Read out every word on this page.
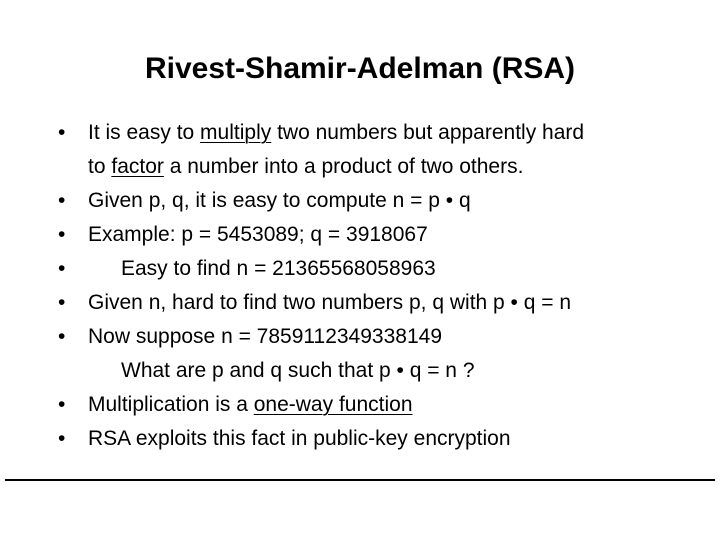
Rivest-Shamir-Adelman (RSA)
•	It is easy to multiply two numbers but apparently hard
to factor a number into a product of two others.
•	Given p, q, it is easy to compute n = p • q
•	Example: p = 5453089; q = 3918067
•	Easy to find n = 21365568058963
•	Given n, hard to find two numbers p, q with p • q = n
•	Now suppose n = 7859112349338149
What are p and q such that p • q = n ?
•	Multiplication is a one-way function
•	RSA exploits this fact in public-key encryption
